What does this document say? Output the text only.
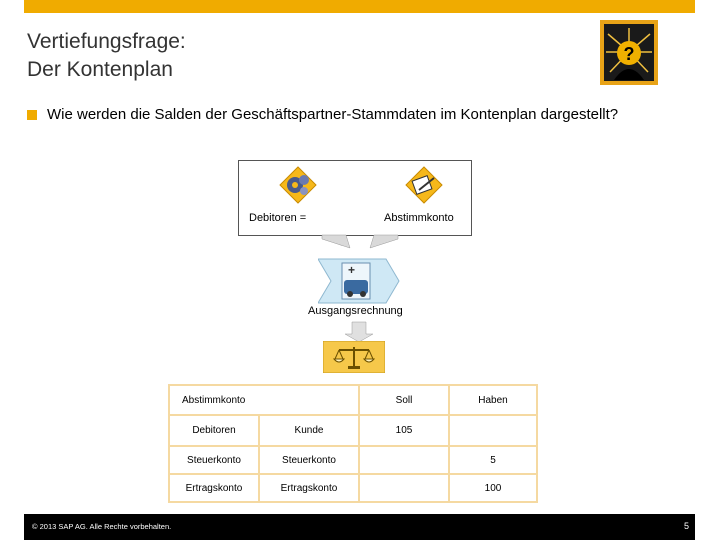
Vertiefungsfrage:
Der Kontenplan
?
Wie werden die Salden der Geschäftspartner-Stammdaten im Kontenplan dargestellt?
Debitoren =	Abstimmkonto
+
Ausgangsrechnung
Abstimmkonto		Soll	Haben
Debitoren	Kunde	105	
Steuerkonto	Steuerkonto		5
Ertragskonto	Ertragskonto		100
© 2013 SAP AG. Alle Rechte vorbehalten.	5
